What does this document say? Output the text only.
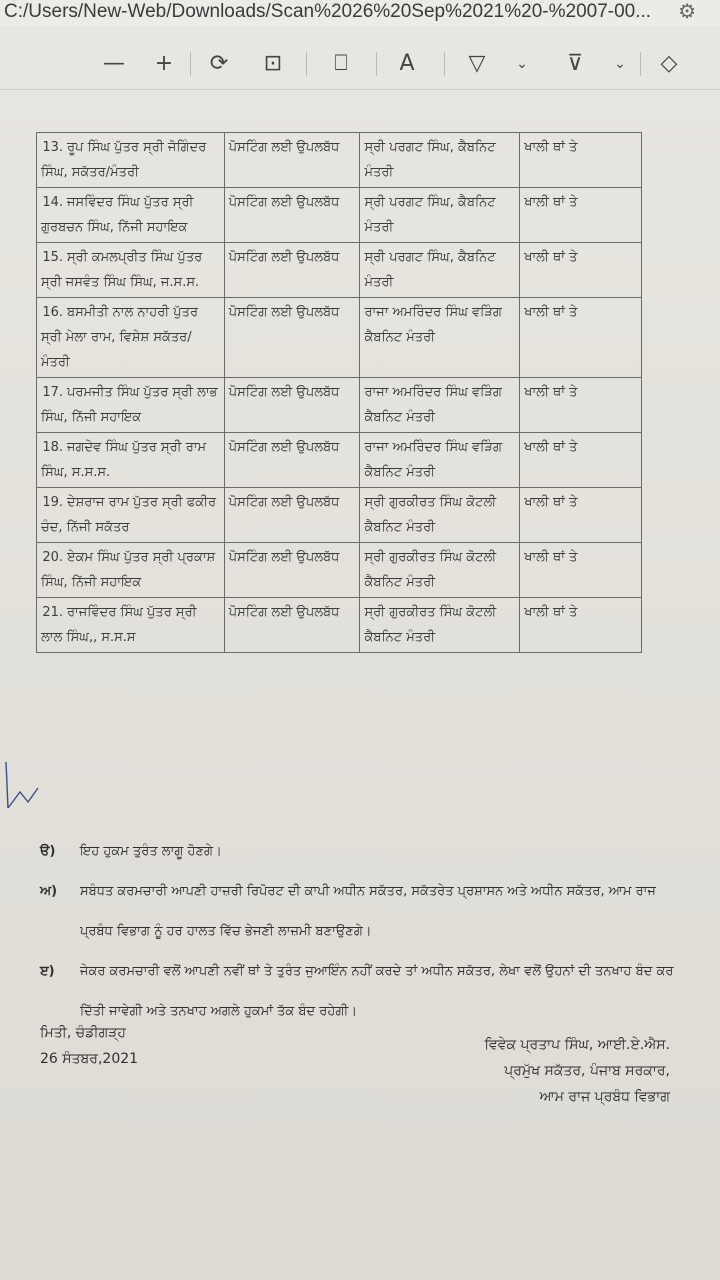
C:/Users/New-Web/Downloads/Scan%2026%20Sep%2021%20-%2007-00... ⚙
— + ⟳ ⊡	⎕	A	▽	⌄	⊽	⌄ ◇
13. ਰੂਪ ਸਿੰਘ ਪੁੱਤਰ ਸ੍ਰੀ ਜੋਗਿੰਦਰ ਸਿੰਘ, ਸਕੱਤਰ/ਮੰਤਰੀ	ਪੋਸਟਿੰਗ ਲਈ ਉਪਲਬੱਧ	ਸ੍ਰੀ ਪਰਗਟ ਸਿੰਘ, ਕੈਬਨਿਟ ਮੰਤਰੀ	ਖਾਲੀ ਥਾਂ ਤੇ
14. ਜਸਵਿੰਦਰ ਸਿੰਘ ਪੁੱਤਰ ਸ੍ਰੀ ਗੁਰਬਚਨ ਸਿੰਘ, ਨਿੱਜੀ ਸਹਾਇਕ	ਪੋਸਟਿੰਗ ਲਈ ਉਪਲਬੱਧ	ਸ੍ਰੀ ਪਰਗਟ ਸਿੰਘ, ਕੈਬਨਿਟ ਮੰਤਰੀ	ਖਾਲੀ ਥਾਂ ਤੇ
15. ਸ੍ਰੀ ਕਮਲਪ੍ਰੀਤ ਸਿੰਘ ਪੁੱਤਰ ਸ੍ਰੀ ਜਸਵੰਤ ਸਿੰਘ ਸਿੰਘ, ਜ.ਸ.ਸ.	ਪੋਸਟਿੰਗ ਲਈ ਉਪਲਬੱਧ	ਸ੍ਰੀ ਪਰਗਟ ਸਿੰਘ, ਕੈਬਨਿਟ ਮੰਤਰੀ	ਖਾਲੀ ਥਾਂ ਤੇ
16. ਬਸਮੀਤੀ ਨਾਲ ਨਾਹਰੀ ਪੁੱਤਰ ਸ੍ਰੀ ਮੇਲਾ ਰਾਮ, ਵਿਸ਼ੇਸ਼ ਸਕੱਤਰ/ਮੰਤਰੀ	ਪੋਸਟਿੰਗ ਲਈ ਉਪਲਬੱਧ	ਰਾਜਾ ਅਮਰਿੰਦਰ ਸਿੰਘ ਵੜਿੰਗ ਕੈਬਨਿਟ ਮੰਤਰੀ	ਖਾਲੀ ਥਾਂ ਤੇ
17. ਪਰਮਜੀਤ ਸਿੰਘ ਪੁੱਤਰ ਸ੍ਰੀ ਲਾਭ ਸਿੰਘ, ਨਿੱਜੀ ਸਹਾਇਕ	ਪੋਸਟਿੰਗ ਲਈ ਉਪਲਬੱਧ	ਰਾਜਾ ਅਮਰਿੰਦਰ ਸਿੰਘ ਵੜਿੰਗ ਕੈਬਨਿਟ ਮੰਤਰੀ	ਖਾਲੀ ਥਾਂ ਤੇ
18. ਜਗਦੇਵ ਸਿੰਘ ਪੁੱਤਰ ਸ੍ਰੀ ਰਾਮ ਸਿੰਘ, ਸ.ਸ.ਸ.	ਪੋਸਟਿੰਗ ਲਈ ਉਪਲਬੱਧ	ਰਾਜਾ ਅਮਰਿੰਦਰ ਸਿੰਘ ਵੜਿੰਗ ਕੈਬਨਿਟ ਮੰਤਰੀ	ਖਾਲੀ ਥਾਂ ਤੇ
19. ਦੇਸ਼ਰਾਜ ਰਾਮ ਪੁੱਤਰ ਸ੍ਰੀ ਫਕੀਰ ਚੰਦ, ਨਿੱਜੀ ਸਕੱਤਰ	ਪੋਸਟਿੰਗ ਲਈ ਉਪਲਬੱਧ	ਸ੍ਰੀ ਗੁਰਕੀਰਤ ਸਿੰਘ ਕੋਟਲੀ ਕੈਬਨਿਟ ਮੰਤਰੀ	ਖਾਲੀ ਥਾਂ ਤੇ
20. ਏਕਮ ਸਿੰਘ ਪੁੱਤਰ ਸ੍ਰੀ ਪ੍ਰਕਾਸ਼ ਸਿੰਘ, ਨਿੱਜੀ ਸਹਾਇਕ	ਪੋਸਟਿੰਗ ਲਈ ਉਪਲਬੱਧ	ਸ੍ਰੀ ਗੁਰਕੀਰਤ ਸਿੰਘ ਕੋਟਲੀ ਕੈਬਨਿਟ ਮੰਤਰੀ	ਖਾਲੀ ਥਾਂ ਤੇ
21. ਰਾਜਵਿੰਦਰ ਸਿੰਘ ਪੁੱਤਰ ਸ੍ਰੀ ਲਾਲ ਸਿੰਘ,, ਸ.ਸ.ਸ	ਪੋਸਟਿੰਗ ਲਈ ਉਪਲਬੱਧ	ਸ੍ਰੀ ਗੁਰਕੀਰਤ ਸਿੰਘ ਕੋਟਲੀ ਕੈਬਨਿਟ ਮੰਤਰੀ	ਖਾਲੀ ਥਾਂ ਤੇ
ੳ) ਇਹ ਹੁਕਮ ਤੁਰੰਤ ਲਾਗੂ ਹੋਣਗੇ।
ਅ) ਸਬੰਧਤ ਕਰਮਚਾਰੀ ਆਪਣੀ ਹਾਜ਼ਰੀ ਰਿਪੋਰਟ ਦੀ ਕਾਪੀ ਅਧੀਨ ਸਕੱਤਰ, ਸਕੱਤਰੇਤ ਪ੍ਰਸ਼ਾਸਨ ਅਤੇ ਅਧੀਨ ਸਕੱਤਰ, ਆਮ ਰਾਜ ਪ੍ਰਬੰਧ ਵਿਭਾਗ ਨੂੰ ਹਰ ਹਾਲਤ ਵਿੱਚ ਭੇਜਣੀ ਲਾਜ਼ਮੀ ਬਣਾਉਣਗੇ।
ੲ) ਜੇਕਰ ਕਰਮਚਾਰੀ ਵਲੋਂ ਆਪਣੀ ਨਵੀਂ ਥਾਂ ਤੇ ਤੁਰੰਤ ਜੁਆਇੰਨ ਨਹੀਂ ਕਰਦੇ ਤਾਂ ਅਧੀਨ ਸਕੱਤਰ, ਲੇਖਾ ਵਲੋਂ ਉਹਨਾਂ ਦੀ ਤਨਖਾਹ ਬੰਦ ਕਰ ਦਿੱਤੀ ਜਾਵੇਗੀ ਅਤੇ ਤਨਖਾਹ ਅਗਲੇ ਹੁਕਮਾਂ ਤੱਕ ਬੰਦ ਰਹੇਗੀ।
ਮਿਤੀ, ਚੰਡੀਗੜ੍ਹ
26 ਸੰਤਬਰ,2021
ਵਿਵੇਕ ਪ੍ਰਤਾਪ ਸਿੰਘ, ਆਈ.ਏ.ਐਸ.
ਪ੍ਰਮੁੱਖ ਸਕੱਤਰ, ਪੰਜਾਬ ਸਰਕਾਰ,
ਆਮ ਰਾਜ ਪ੍ਰਬੰਧ ਵਿਭਾਗ
